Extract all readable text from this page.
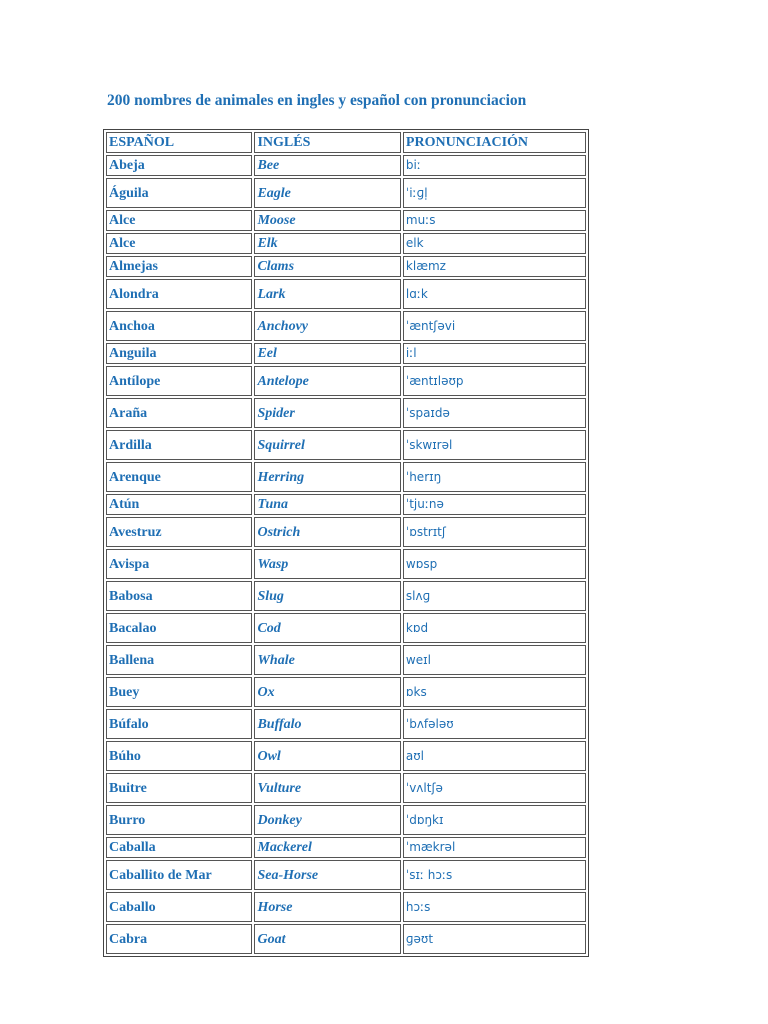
200 nombres de animales en ingles y español con pronunciacion
ESPAÑOL	INGLÉS	PRONUNCIACIÓN
Abeja	Bee	biː
Águila	Eagle	ˈiːɡl̩
Alce	Moose	muːs
Alce	Elk	elk
Almejas	Clams	klæmz
Alondra	Lark	lɑːk
Anchoa	Anchovy	ˈæntʃəvi
Anguila	Eel	iːl
Antílope	Antelope	ˈæntɪləʊp
Araña	Spider	ˈspaɪdə
Ardilla	Squirrel	ˈskwɪrəl
Arenque	Herring	ˈherɪŋ
Atún	Tuna	ˈtjuːnə
Avestruz	Ostrich	ˈɒstrɪtʃ
Avispa	Wasp	wɒsp
Babosa	Slug	slʌɡ
Bacalao	Cod	kɒd
Ballena	Whale	weɪl
Buey	Ox	ɒks
Búfalo	Buffalo	ˈbʌfələʊ
Búho	Owl	aʊl
Buitre	Vulture	ˈvʌltʃə
Burro	Donkey	ˈdɒŋkɪ
Caballa	Mackerel	ˈmækrəl
Caballito de Mar	Sea-Horse	ˈsɪː hɔːs
Caballo	Horse	hɔːs
Cabra	Goat	ɡəʊt
